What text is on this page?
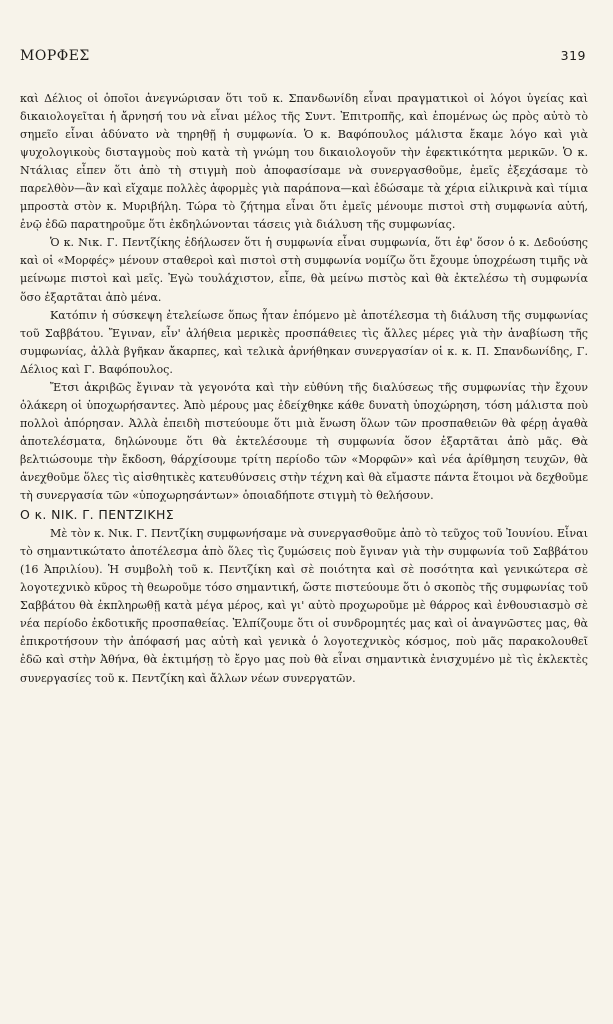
ΜΟΡΦΕΣ	319

καὶ Δέλιος οἱ ὁποῖοι ἀνεγνώρισαν ὅτι τοῦ κ. Σπανδωνίδη εἶναι πραγματικοὶ οἱ λόγοι ὑγείας καὶ δικαιολογεῖται ἡ ἄρνησή του νὰ εἶναι μέλος τῆς Συντ. Ἐπιτροπῆς, καὶ ἑπομένως ὡς πρὸς αὐτὸ τὸ σημεῖο εἶναι ἀδύνατο νὰ τηρηθῇ ἡ συμφωνία. Ὁ κ. Βαφόπουλος μάλιστα ἔκαμε λόγο καὶ γιὰ ψυχολογικοὺς δισταγμοὺς ποὺ κατὰ τὴ γνώμη του δικαιολογοῦν τὴν ἐφεκτικότητα μερικῶν. Ὁ κ. Ντάλιας εἶπεν ὅτι ἀπὸ τὴ στιγμὴ ποὺ ἀποφασίσαμε νὰ συνεργασθοῦμε, ἐμεῖς ἐξεχάσαμε τὸ παρελθὸν—ἂν καὶ εἴχαμε πολλὲς ἀφορμὲς γιὰ παράπονα—καὶ ἐδώσαμε τὰ χέρια εἰλικρινὰ καὶ τίμια μπροστὰ στὸν κ. Μυριβήλη. Τώρα τὸ ζήτημα εἶναι ὅτι ἐμεῖς μένουμε πιστοὶ στὴ συμφωνία αὐτή, ἐνῷ ἐδῶ παρατηροῦμε ὅτι ἐκδηλώνονται τάσεις γιὰ διάλυση τῆς συμφωνίας.

Ὁ κ. Νικ. Γ. Πεντζίκης ἐδήλωσεν ὅτι ἡ συμφωνία εἶναι συμφωνία, ὅτι ἐφ' ὅσον ὁ κ. Δεδούσης καὶ οἱ «Μορφές» μένουν σταθεροὶ καὶ πιστοὶ στὴ συμφωνία νομίζω ὅτι ἔχουμε ὑποχρέωση τιμῆς νὰ μείνωμε πιστοὶ καὶ μεῖς. Ἐγὼ τουλάχιστον, εἶπε, θὰ μείνω πιστὸς καὶ θὰ ἐκτελέσω τὴ συμφωνία ὅσο ἐξαρτᾶται ἀπὸ μένα.

Κατόπιν ἡ σύσκεψη ἐτελείωσε ὅπως ἦταν ἑπόμενο μὲ ἀποτέλεσμα τὴ διάλυση τῆς συμφωνίας τοῦ Σαββάτου. Ἔγιναν, εἶν' ἀλήθεια μερικὲς προσπάθειες τὶς ἄλλες μέρες γιὰ τὴν ἀναβίωση τῆς συμφωνίας, ἀλλὰ βγῆκαν ἄκαρπες, καὶ τελικὰ ἀρνήθηκαν συνεργασίαν οἱ κ. κ. Π. Σπανδωνίδης, Γ. Δέλιος καὶ Γ. Βαφόπουλος.

Ἔτσι ἀκριβῶς ἔγιναν τὰ γεγονότα καὶ τὴν εὐθύνη τῆς διαλύσεως τῆς συμφωνίας τὴν ἔχουν ὁλάκερη οἱ ὑποχωρήσαντες. Ἀπὸ μέρους μας ἐδείχθηκε κάθε δυνατὴ ὑποχώρηση, τόση μάλιστα ποὺ πολλοὶ ἀπόρησαν. Ἀλλὰ ἐπειδὴ πιστεύουμε ὅτι μιὰ ἕνωση ὅλων τῶν προσπαθειῶν θὰ φέρῃ ἀγαθὰ ἀποτελέσματα, δηλώνουμε ὅτι θὰ ἐκτελέσουμε τὴ συμφωνία ὅσον ἐξαρτᾶται ἀπὸ μᾶς. Θὰ βελτιώσουμε τὴν ἔκδοση, θάρχίσουμε τρίτη περίοδο τῶν «Μορφῶν» καὶ νέα ἀρίθμηση τευχῶν, θὰ ἀνεχθοῦμε ὅλες τὶς αἰσθητικὲς κατευθύνσεις στὴν τέχνη καὶ θὰ εἴμαστε πάντα ἕτοιμοι νὰ δεχθοῦμε τὴ συνεργασία τῶν «ὑποχωρησάντων» ὁποιαδήποτε στιγμὴ τὸ θελήσουν.

Ο κ. ΝΙΚ. Γ. ΠΕΝΤΖΙΚΗΣ

Μὲ τὸν κ. Νικ. Γ. Πεντζίκη συμφωνήσαμε νὰ συνεργασθοῦμε ἀπὸ τὸ τεῦχος τοῦ Ἰουνίου. Εἶναι τὸ σημαντικώτατο ἀποτέλεσμα ἀπὸ ὅλες τὶς ζυμώσεις ποὺ ἔγιναν γιὰ τὴν συμφωνία τοῦ Σαββάτου (16 Ἀπριλίου). Ἡ συμβολὴ τοῦ κ. Πεντζίκη καὶ σὲ ποιότητα καὶ σὲ ποσότητα καὶ γενικώτερα σὲ λογοτεχνικὸ κῦρος τὴ θεωροῦμε τόσο σημαντική, ὥστε πιστεύουμε ὅτι ὁ σκοπὸς τῆς συμφωνίας τοῦ Σαββάτου θὰ ἐκπληρωθῇ κατὰ μέγα μέρος, καὶ γι' αὐτὸ προχωροῦμε μὲ θάρρος καὶ ἐνθουσιασμὸ σὲ νέα περίοδο ἐκδοτικῆς προσπαθείας. Ἐλπίζουμε ὅτι οἱ συνδρομητές μας καὶ οἱ ἀναγνῶστες μας, θὰ ἐπικροτήσουν τὴν ἀπόφασή μας αὐτὴ καὶ γενικὰ ὁ λογοτεχνικὸς κόσμος, ποὺ μᾶς παρακολουθεῖ ἐδῶ καὶ στὴν Ἀθήνα, θὰ ἐκτιμήσῃ τὸ ἔργο μας ποὺ θὰ εἶναι σημαντικὰ ἐνισχυμένο μὲ τὶς ἐκλεκτὲς συνεργασίες τοῦ κ. Πεντζίκη καὶ ἄλλων νέων συνεργατῶν.
